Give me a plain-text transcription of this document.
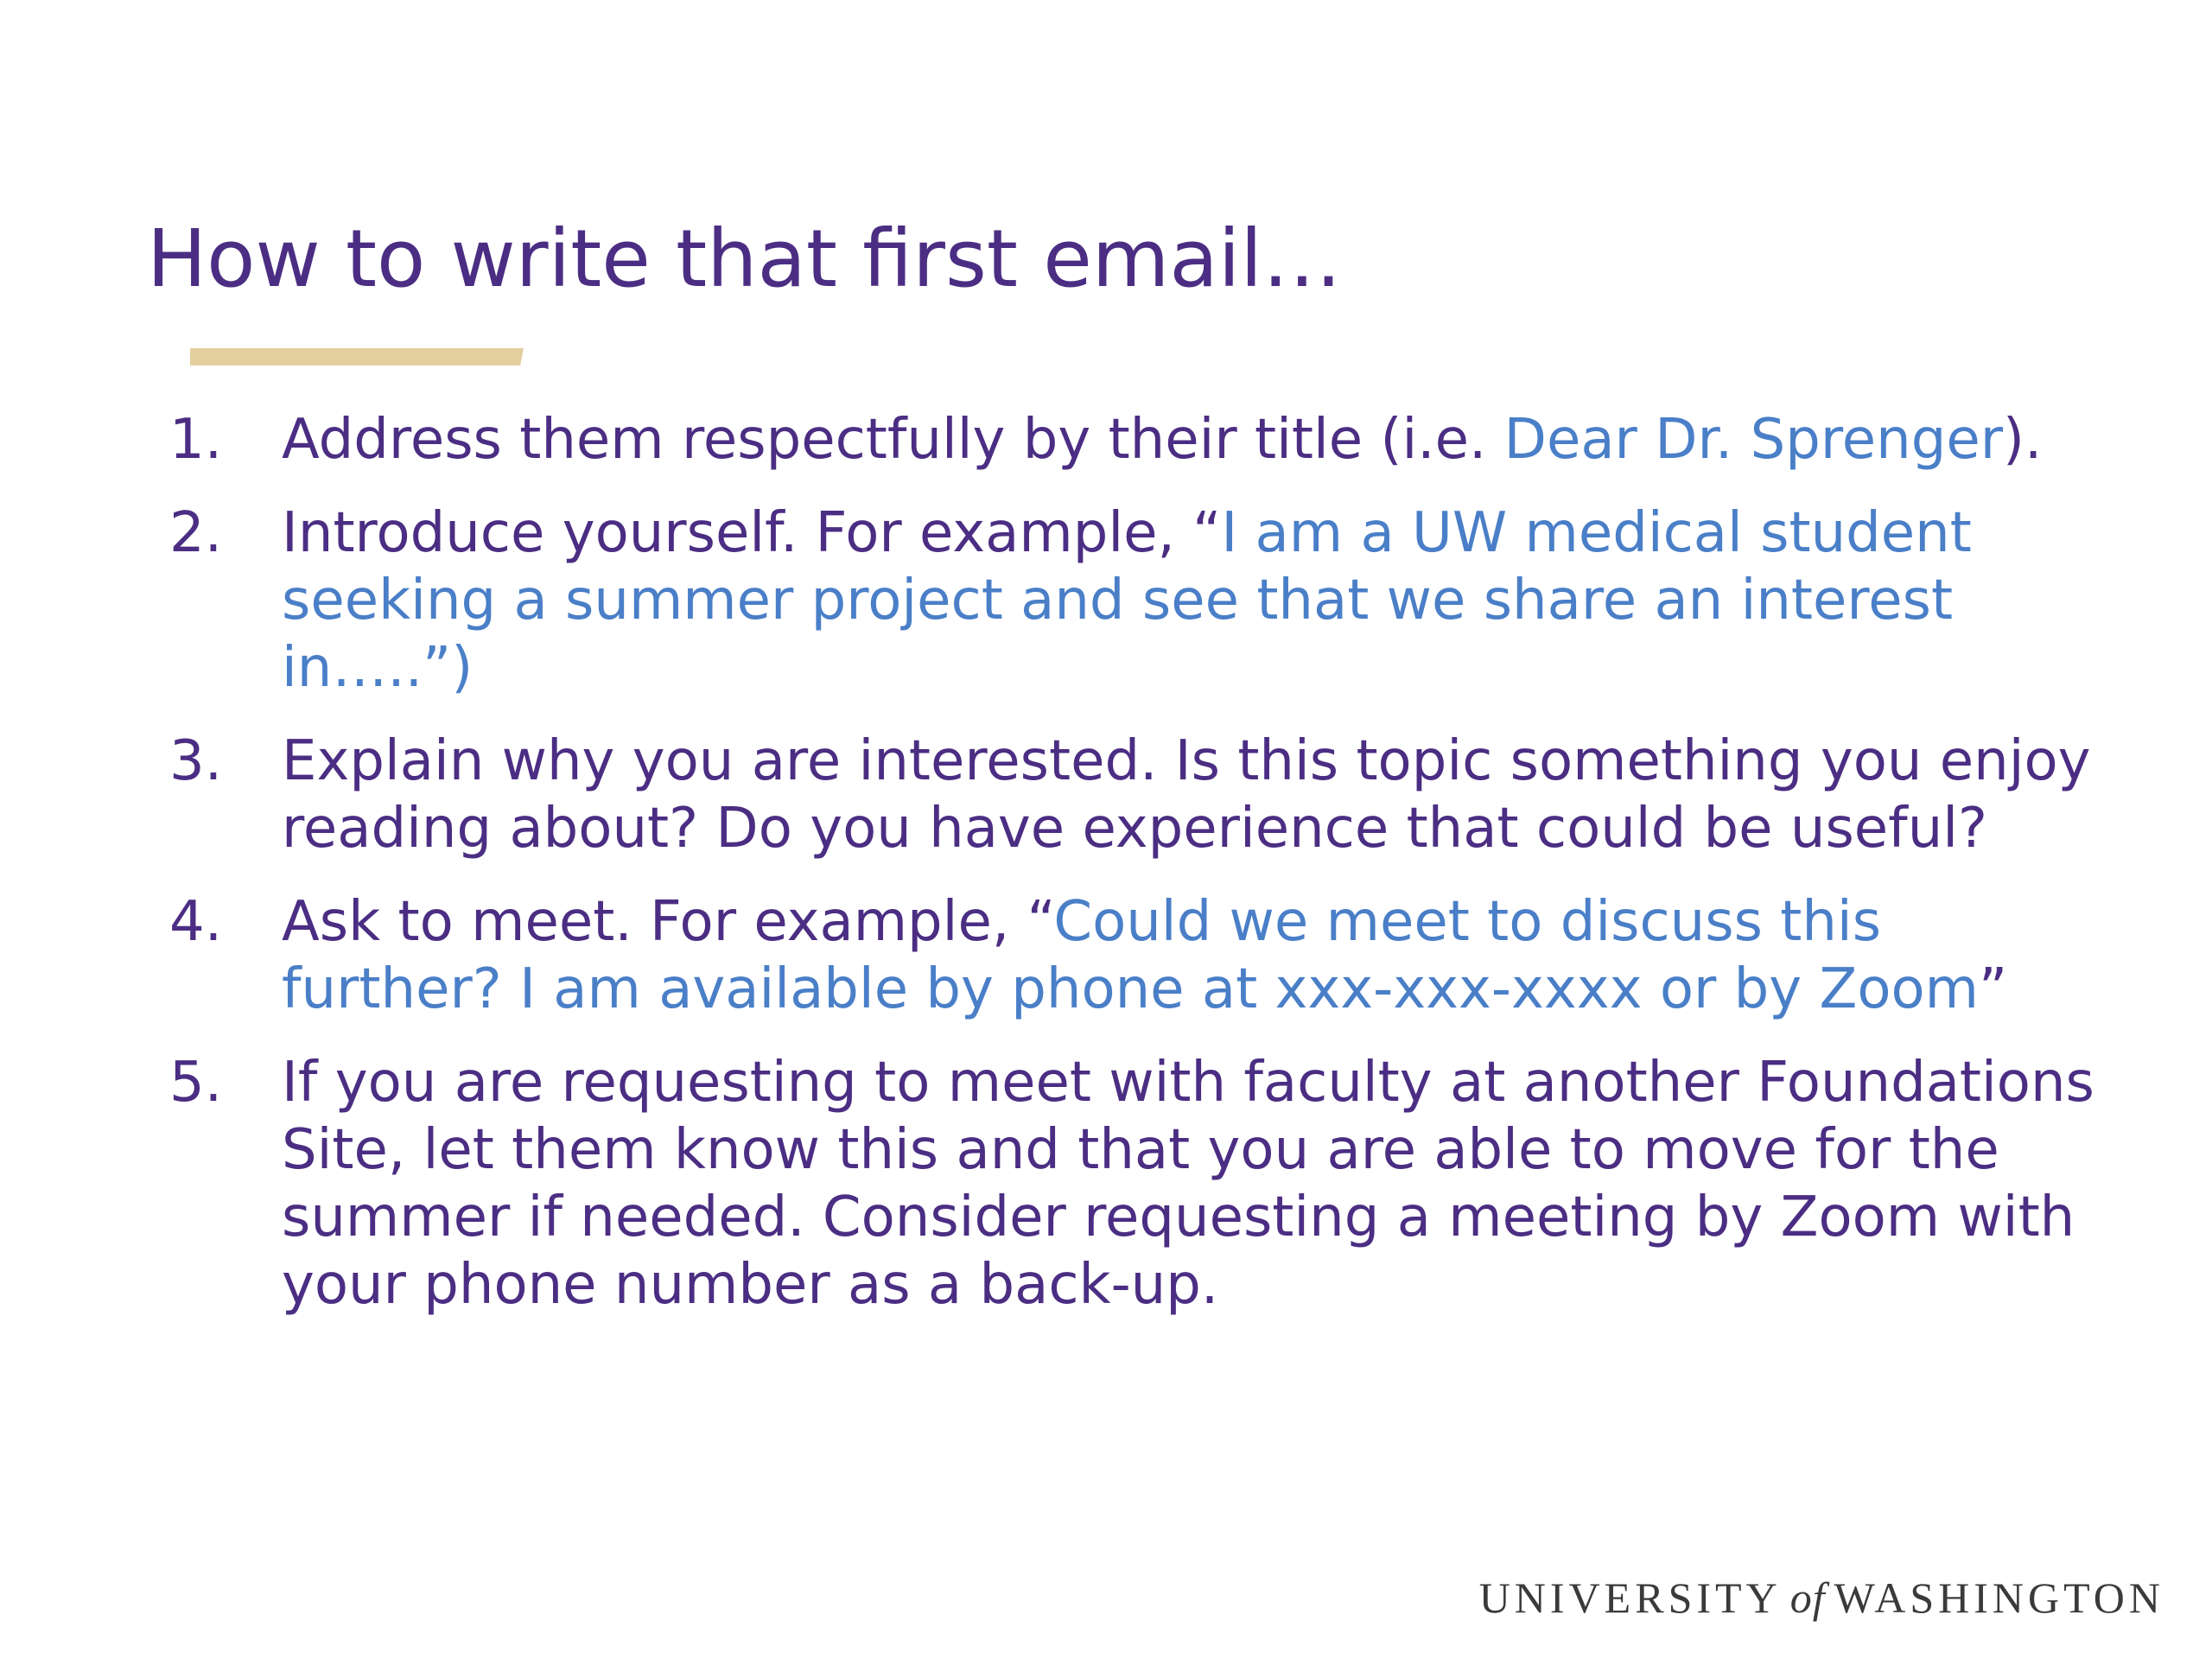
How to write that first email…
1. Address them respectfully by their title (i.e. Dear Dr. Sprenger).
2. Introduce yourself. For example, “I am a UW medical student seeking a summer project and see that we share an interest in…..”)
3. Explain why you are interested. Is this topic something you enjoy reading about? Do you have experience that could be useful?
4. Ask to meet. For example, “Could we meet to discuss this further? I am available by phone at xxx-xxx-xxxx or by Zoom”
5. If you are requesting to meet with faculty at another Foundations Site, let them know this and that you are able to move for the summer if needed. Consider requesting a meeting by Zoom with your phone number as a back-up.
UNIVERSITY of WASHINGTON
